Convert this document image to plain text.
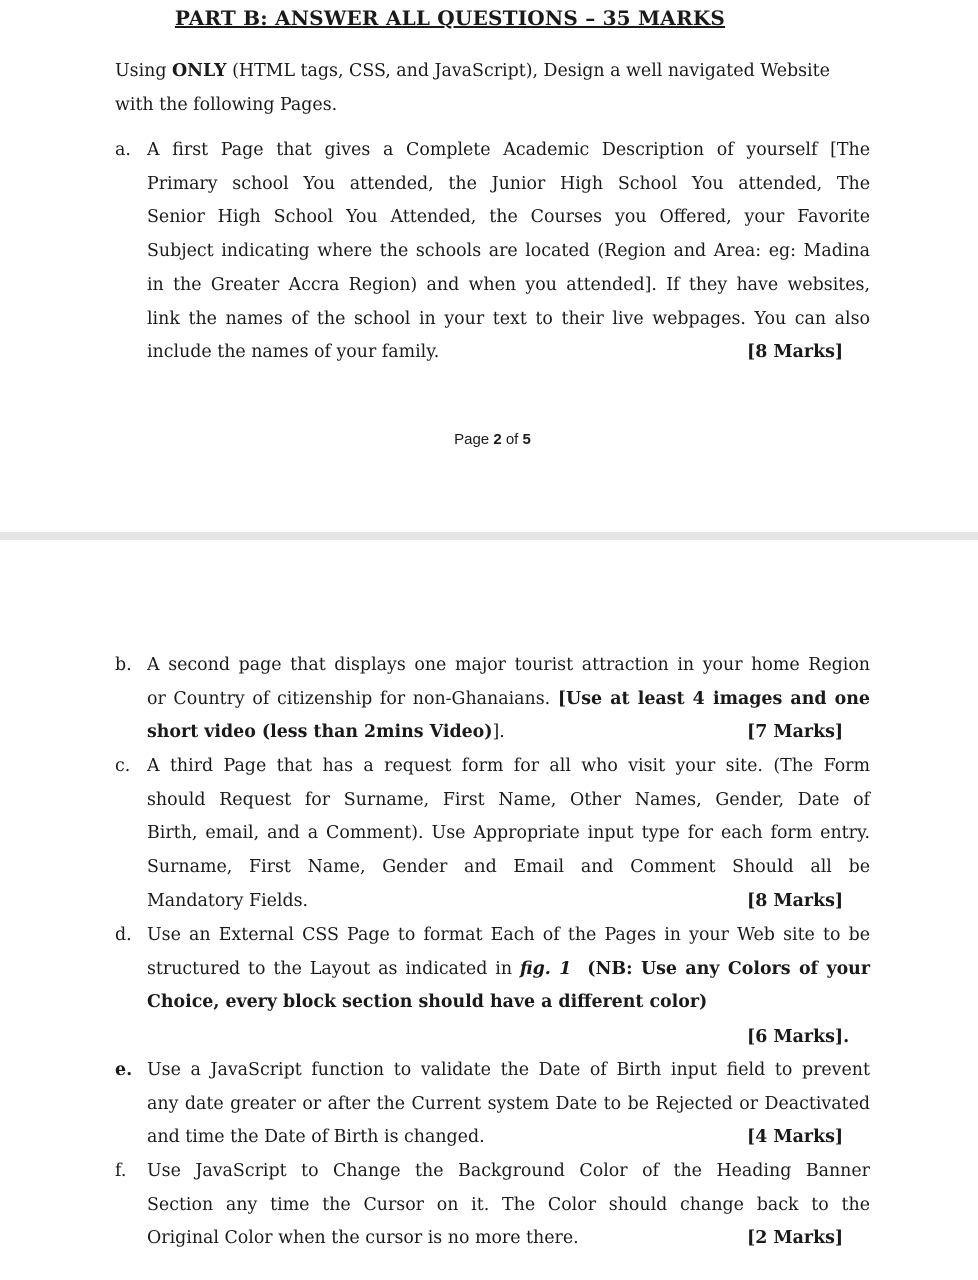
PART B: ANSWER ALL QUESTIONS – 35 MARKS
Using ONLY (HTML tags, CSS, and JavaScript), Design a well navigated Website
with the following Pages.
a. A first Page that gives a Complete Academic Description of yourself [The
Primary school You attended, the Junior High School You attended, The
Senior High School You Attended, the Courses you Offered, your Favorite
Subject indicating where the schools are located (Region and Area: eg: Madina
in the Greater Accra Region) and when you attended]. If they have websites,
link the names of the school in your text to their live webpages. You can also
include the names of your family.	[8 Marks]
Page 2 of 5
b. A second page that displays one major tourist attraction in your home Region
or Country of citizenship for non-Ghanaians. [Use at least 4 images and one
short video (less than 2mins Video)].	[7 Marks]
c. A third Page that has a request form for all who visit your site. (The Form
should Request for Surname, First Name, Other Names, Gender, Date of
Birth, email, and a Comment). Use Appropriate input type for each form entry.
Surname, First Name, Gender and Email and Comment Should all be
Mandatory Fields.	[8 Marks]
d. Use an External CSS Page to format Each of the Pages in your Web site to be
structured to the Layout as indicated in fig. 1 (NB: Use any Colors of your
Choice, every block section should have a different color)
[6 Marks].
e. Use a JavaScript function to validate the Date of Birth input field to prevent
any date greater or after the Current system Date to be Rejected or Deactivated
and time the Date of Birth is changed.	[4 Marks]
f. Use JavaScript to Change the Background Color of the Heading Banner
Section any time the Cursor on it. The Color should change back to the
Original Color when the cursor is no more there.	[2 Marks]
